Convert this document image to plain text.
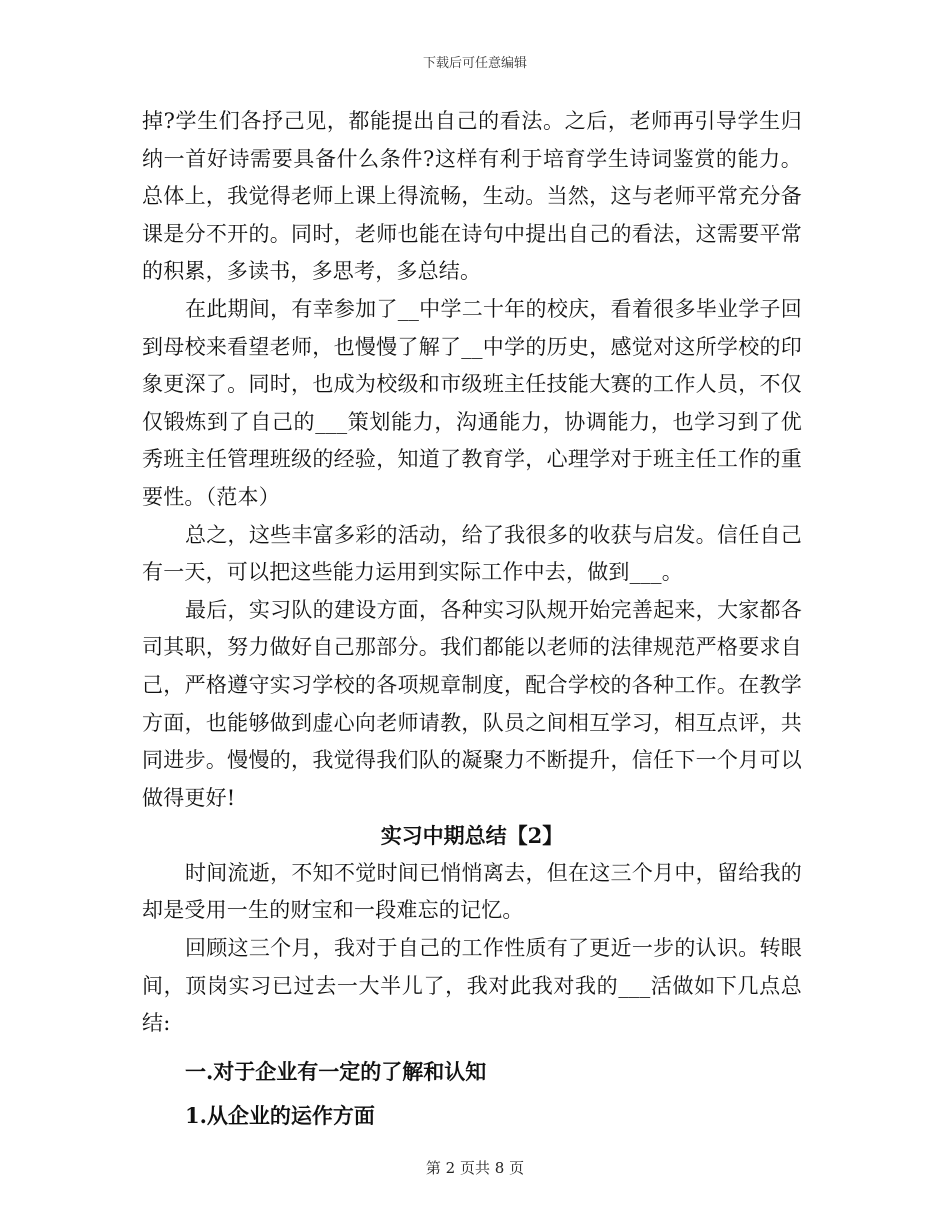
下载后可任意编辑

掉?学生们各抒己见，都能提出自己的看法。之后，老师再引导学生归纳一首好诗需要具备什么条件?这样有利于培育学生诗词鉴赏的能力。总体上，我觉得老师上课上得流畅，生动。当然，这与老师平常充分备课是分不开的。同时，老师也能在诗句中提出自己的看法，这需要平常的积累，多读书，多思考，多总结。

在此期间，有幸参加了__中学二十年的校庆，看着很多毕业学子回到母校来看望老师，也慢慢了解了__中学的历史，感觉对这所学校的印象更深了。同时，也成为校级和市级班主任技能大赛的工作人员，不仅仅锻炼到了自己的___策划能力，沟通能力，协调能力，也学习到了优秀班主任管理班级的经验，知道了教育学，心理学对于班主任工作的重要性。（范本）

总之，这些丰富多彩的活动，给了我很多的收获与启发。信任自己有一天，可以把这些能力运用到实际工作中去，做到___。

最后，实习队的建设方面，各种实习队规开始完善起来，大家都各司其职，努力做好自己那部分。我们都能以老师的法律规范严格要求自己，严格遵守实习学校的各项规章制度，配合学校的各种工作。在教学方面，也能够做到虚心向老师请教，队员之间相互学习，相互点评，共同进步。慢慢的，我觉得我们队的凝聚力不断提升，信任下一个月可以做得更好!

实习中期总结【2】

时间流逝，不知不觉时间已悄悄离去，但在这三个月中，留给我的却是受用一生的财宝和一段难忘的记忆。

回顾这三个月，我对于自己的工作性质有了更近一步的认识。转眼间，顶岗实习已过去一大半儿了，我对此我对我的___活做如下几点总结:

一.对于企业有一定的了解和认知

1.从企业的运作方面

第 2 页共 8 页
